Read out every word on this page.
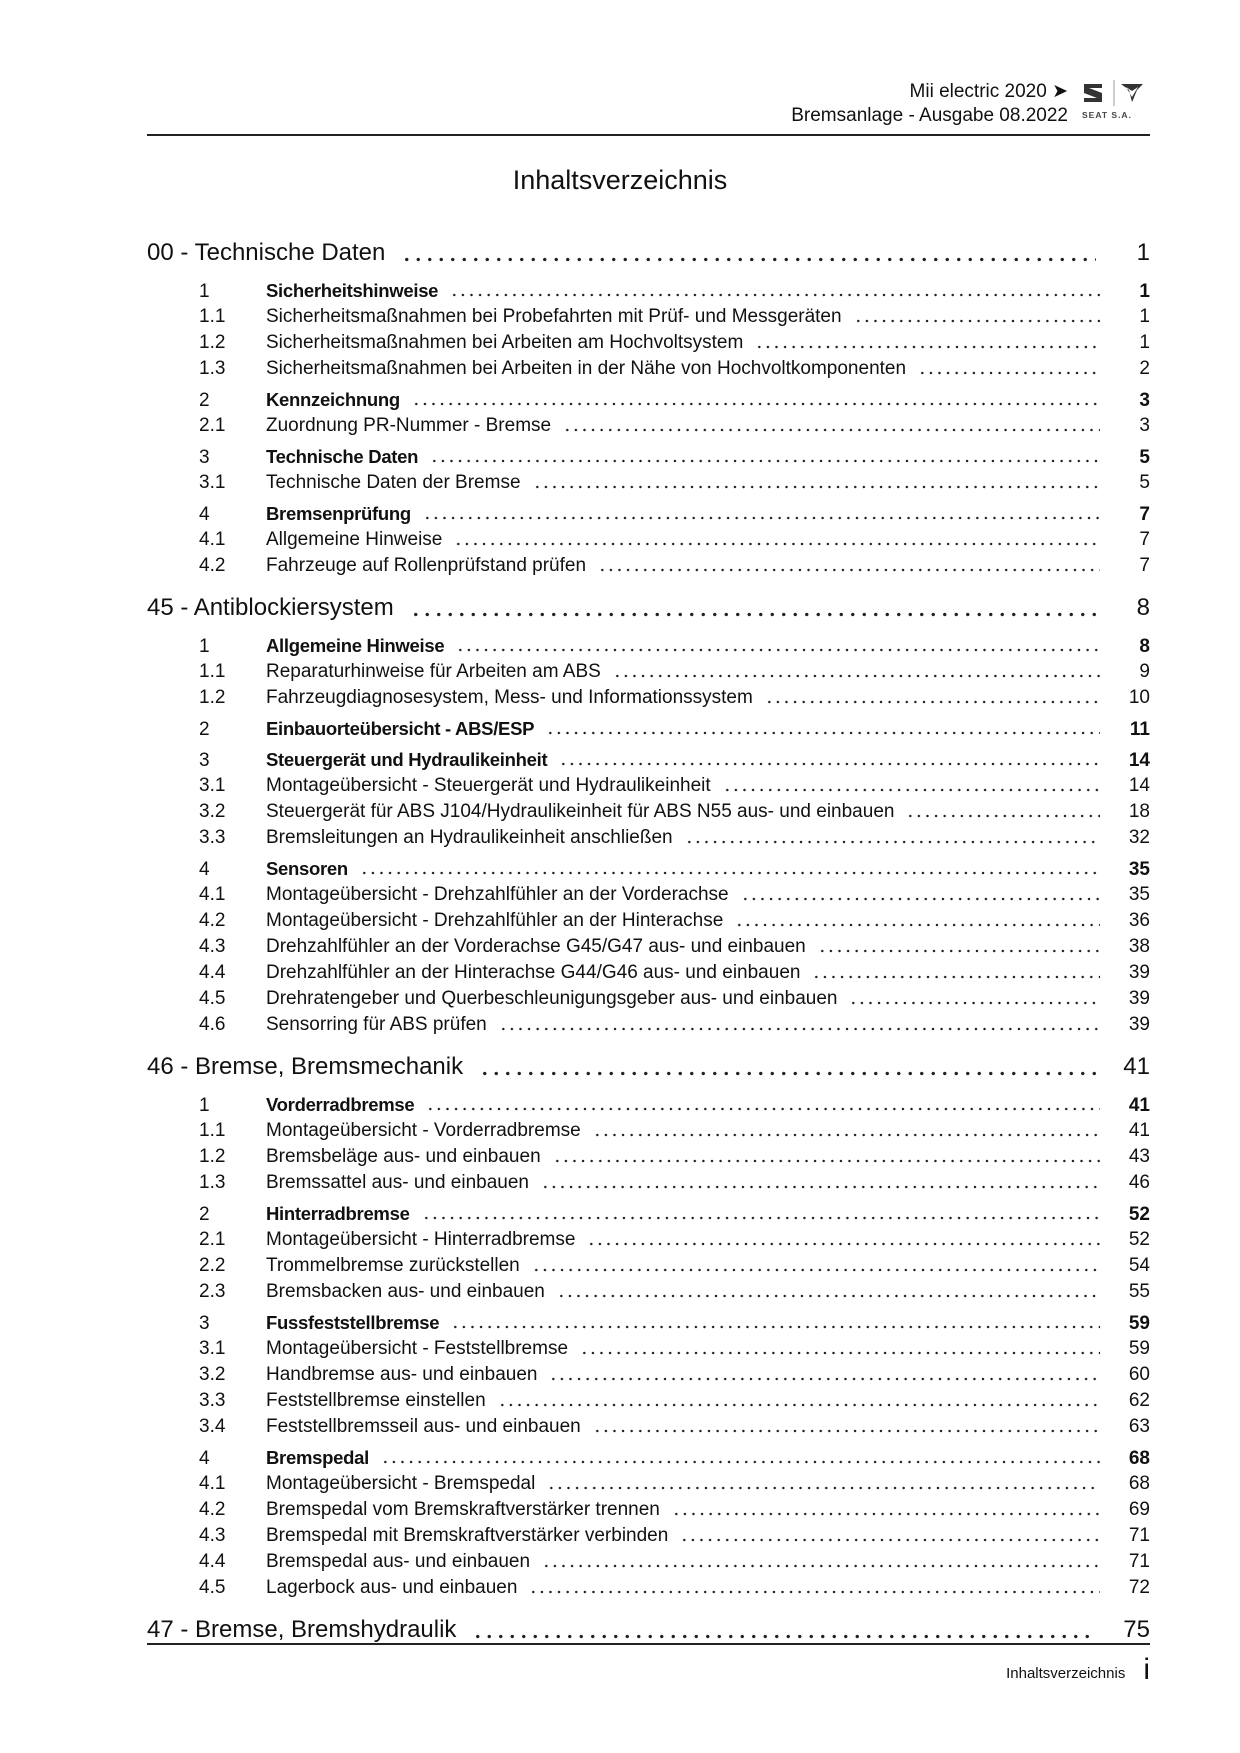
Mii electric 2020 ➤
Bremsanlage - Ausgabe 08.2022 SEAT S.A.
Inhaltsverzeichnis
00 - Technische Daten	1
1	Sicherheitshinweise	1
1.1	Sicherheitsmaßnahmen bei Probefahrten mit Prüf- und Messgeräten	1
1.2	Sicherheitsmaßnahmen bei Arbeiten am Hochvoltsystem	1
1.3	Sicherheitsmaßnahmen bei Arbeiten in der Nähe von Hochvoltkomponenten	2
2	Kennzeichnung	3
2.1	Zuordnung PR-Nummer - Bremse	3
3	Technische Daten	5
3.1	Technische Daten der Bremse	5
4	Bremsenprüfung	7
4.1	Allgemeine Hinweise	7
4.2	Fahrzeuge auf Rollenprüfstand prüfen	7
45 - Antiblockiersystem	8
1	Allgemeine Hinweise	8
1.1	Reparaturhinweise für Arbeiten am ABS	9
1.2	Fahrzeugdiagnosesystem, Mess- und Informationssystem	10
2	Einbauorteübersicht - ABS/ESP	11
3	Steuergerät und Hydraulikeinheit	14
3.1	Montageübersicht - Steuergerät und Hydraulikeinheit	14
3.2	Steuergerät für ABS J104/Hydraulikeinheit für ABS N55 aus- und einbauen	18
3.3	Bremsleitungen an Hydraulikeinheit anschließen	32
4	Sensoren	35
4.1	Montageübersicht - Drehzahlfühler an der Vorderachse	35
4.2	Montageübersicht - Drehzahlfühler an der Hinterachse	36
4.3	Drehzahlfühler an der Vorderachse G45/G47 aus- und einbauen	38
4.4	Drehzahlfühler an der Hinterachse G44/G46 aus- und einbauen	39
4.5	Drehratengeber und Querbeschleunigungsgeber aus- und einbauen	39
4.6	Sensorring für ABS prüfen	39
46 - Bremse, Bremsmechanik	41
1	Vorderradbremse	41
1.1	Montageübersicht - Vorderradbremse	41
1.2	Bremsbeläge aus- und einbauen	43
1.3	Bremssattel aus- und einbauen	46
2	Hinterradbremse	52
2.1	Montageübersicht - Hinterradbremse	52
2.2	Trommelbremse zurückstellen	54
2.3	Bremsbacken aus- und einbauen	55
3	Fussfeststellbremse	59
3.1	Montageübersicht - Feststellbremse	59
3.2	Handbremse aus- und einbauen	60
3.3	Feststellbremse einstellen	62
3.4	Feststellbremsseil aus- und einbauen	63
4	Bremspedal	68
4.1	Montageübersicht - Bremspedal	68
4.2	Bremspedal vom Bremskraftverstärker trennen	69
4.3	Bremspedal mit Bremskraftverstärker verbinden	71
4.4	Bremspedal aus- und einbauen	71
4.5	Lagerbock aus- und einbauen	72
47 - Bremse, Bremshydraulik	75
Inhaltsverzeichnis i
